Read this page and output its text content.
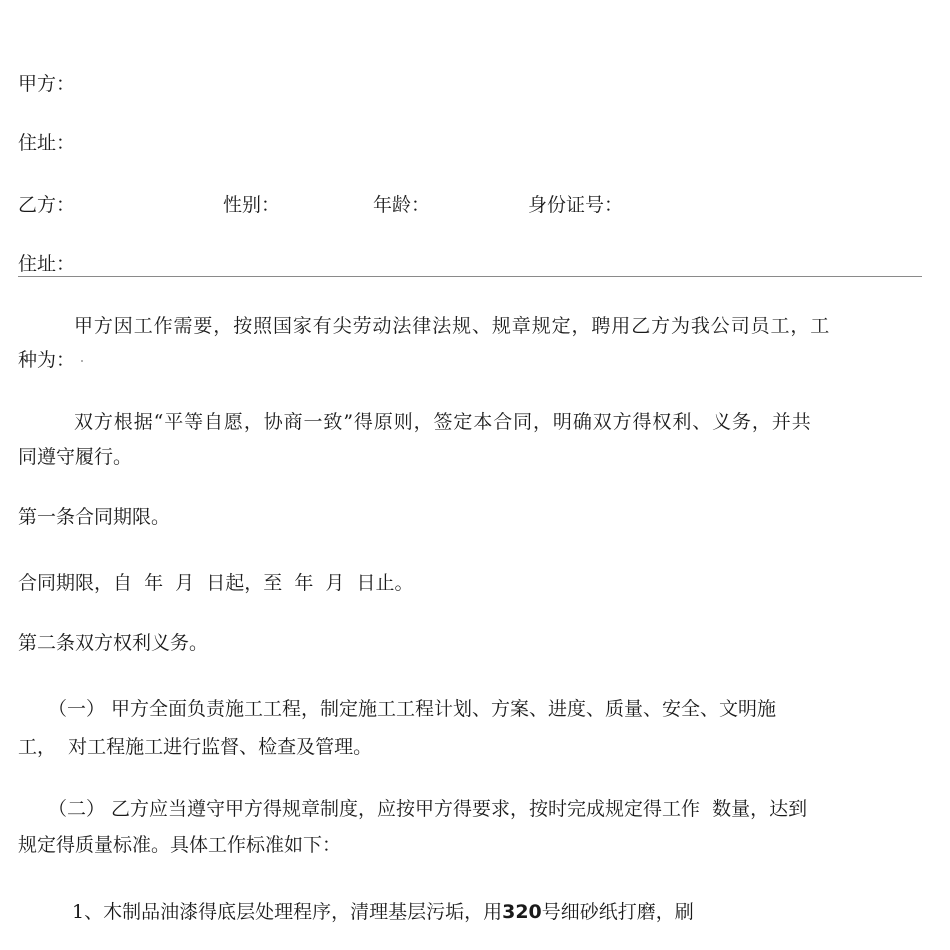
甲方：
住址：
乙方：	性别：	年龄：	身份证号：
住址：
甲方因工作需要，按照国家有尖劳动法律法规、规章规定，聘用乙方为我公司员工，工
种为：
双方根据“平等自愿，协商一致”得原则，签定本合同，明确双方得权利、义务，并共
同遵守履行。
第一条合同期限。
合同期限，自  年  月  日起，至  年  月  日止。
第二条双方权利义务。
（一） 甲方全面负责施工工程，制定施工工程计划、方案、进度、质量、安全、文明施
工，  对工程施工进行监督、检查及管理。
（二） 乙方应当遵守甲方得规章制度，应按甲方得要求，按时完成规定得工作  数量，达到
规定得质量标准。具体工作标准如下：
1、木制品油漆得底层处理程序，清理基层污垢，用320号细砂纸打磨，刷
